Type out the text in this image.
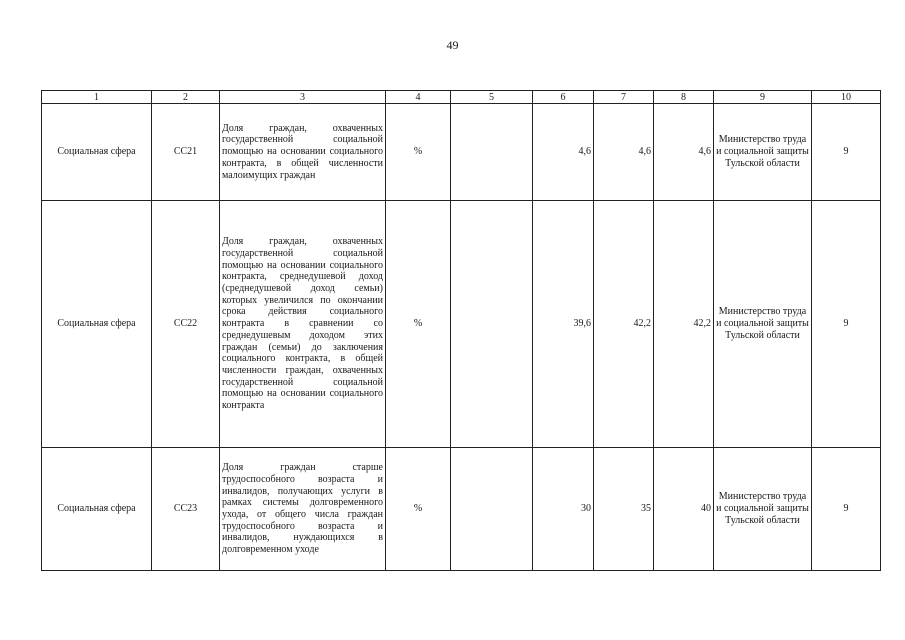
49
1	2	3	4	5	6	7	8	9	10
Социальная сфера	СС21	Доля граждан, охваченных государственной социальной помощью на основании социального контракта, в общей численности малоимущих граждан	%		4,6	4,6	4,6	Министерство труда и социальной защиты Тульской области	9
Социальная сфера	СС22	Доля граждан, охваченных государственной социальной помощью на основании социального контракта, среднедушевой доход (среднедушевой доход семьи) которых увеличился по окончании срока действия социального контракта в сравнении со среднедушевым доходом этих граждан (семьи) до заключения социального контракта, в общей численности граждан, охваченных государственной социальной помощью на основании социального контракта	%		39,6	42,2	42,2	Министерство труда и социальной защиты Тульской области	9
Социальная сфера	СС23	Доля граждан старше трудоспособного возраста и инвалидов, получающих услуги в рамках системы долговременного ухода, от общего числа граждан трудоспособного возраста и инвалидов, нуждающихся в долговременном уходе	%		30	35	40	Министерство труда и социальной защиты Тульской области	9
